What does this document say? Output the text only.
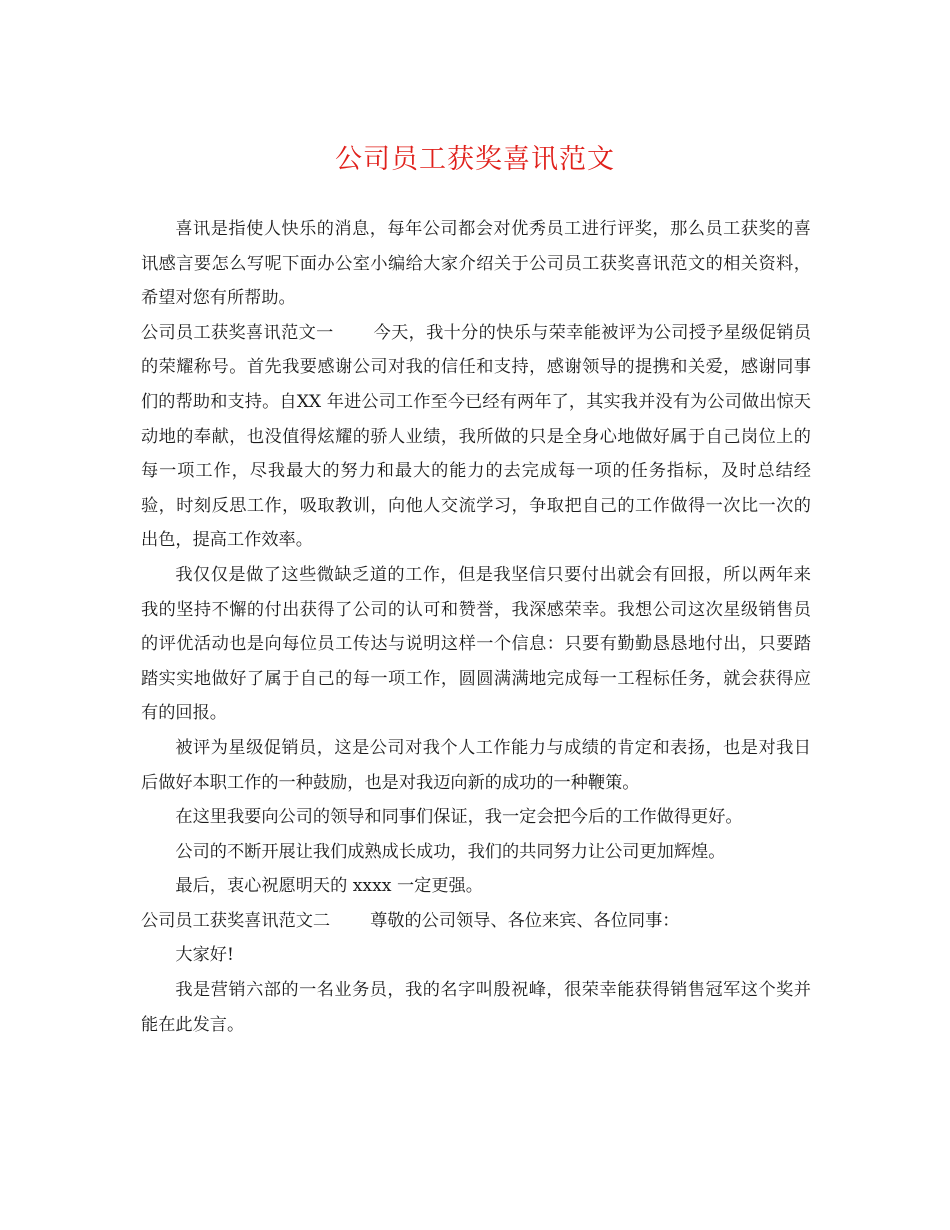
公司员工获奖喜讯范文

喜讯是指使人快乐的消息，每年公司都会对优秀员工进行评奖，那么员工获奖的喜讯感言要怎么写呢下面办公室小编给大家介绍关于公司员工获奖喜讯范文的相关资料，希望对您有所帮助。

公司员工获奖喜讯范文一 今天，我十分的快乐与荣幸能被评为公司授予星级促销员的荣耀称号。首先我要感谢公司对我的信任和支持，感谢领导的提携和关爱，感谢同事们的帮助和支持。自XX 年进公司工作至今已经有两年了，其实我并没有为公司做出惊天动地的奉献，也没值得炫耀的骄人业绩，我所做的只是全身心地做好属于自己岗位上的每一项工作，尽我最大的努力和最大的能力的去完成每一项的任务指标，及时总结经验，时刻反思工作，吸取教训，向他人交流学习，争取把自己的工作做得一次比一次的出色，提高工作效率。

我仅仅是做了这些微缺乏道的工作，但是我坚信只要付出就会有回报，所以两年来我的坚持不懈的付出获得了公司的认可和赞誉，我深感荣幸。我想公司这次星级销售员的评优活动也是向每位员工传达与说明这样一个信息：只要有勤勤恳恳地付出，只要踏踏实实地做好了属于自己的每一项工作，圆圆满满地完成每一工程标任务，就会获得应有的回报。

被评为星级促销员，这是公司对我个人工作能力与成绩的肯定和表扬，也是对我日后做好本职工作的一种鼓励，也是对我迈向新的成功的一种鞭策。

在这里我要向公司的领导和同事们保证，我一定会把今后的工作做得更好。

公司的不断开展让我们成熟成长成功，我们的共同努力让公司更加辉煌。

最后，衷心祝愿明天的 xxxx 一定更强。

公司员工获奖喜讯范文二 尊敬的公司领导、各位来宾、各位同事：

大家好!

我是营销六部的一名业务员，我的名字叫殷祝峰，很荣幸能获得销售冠军这个奖并能在此发言。
